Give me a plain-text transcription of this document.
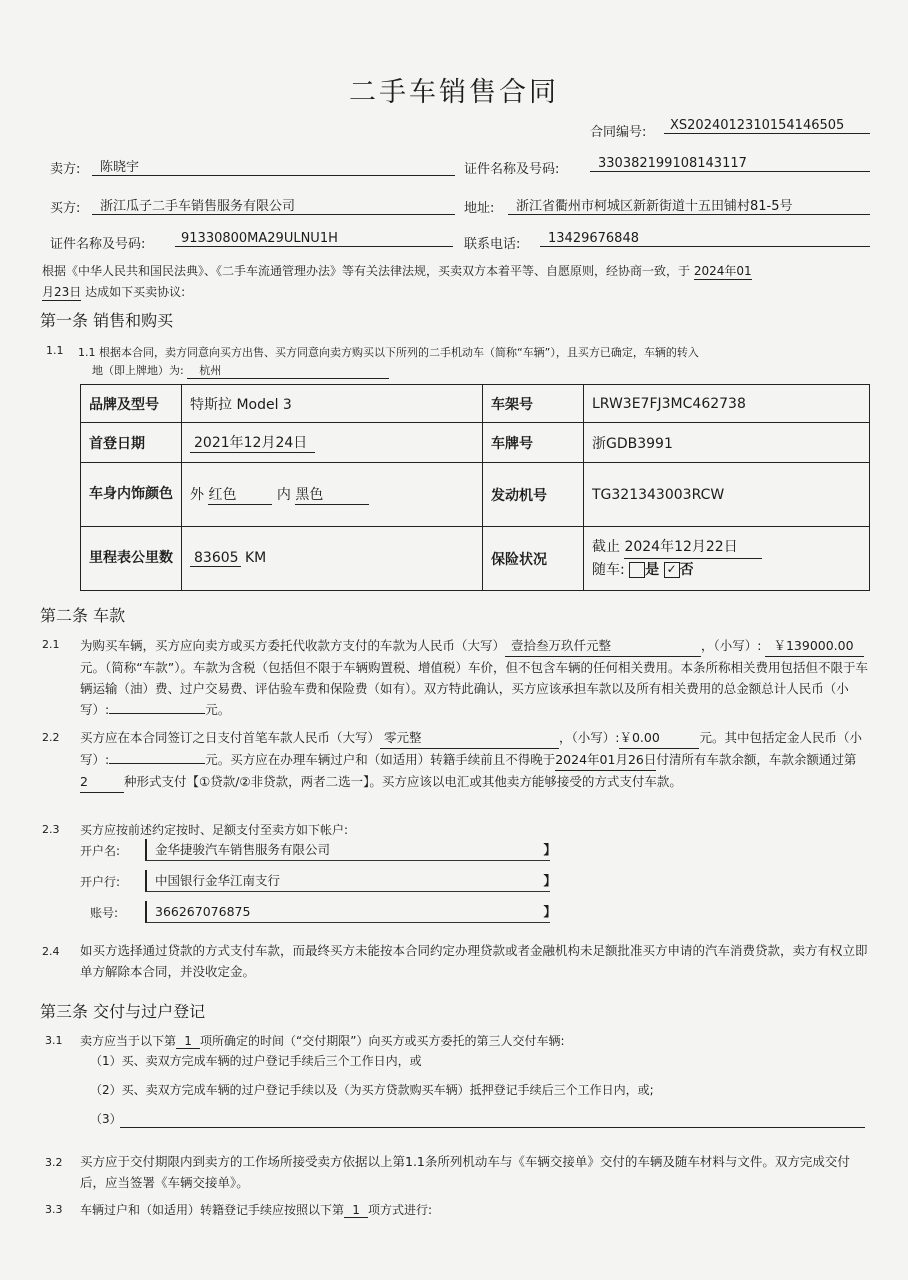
二手车销售合同
合同编号:	XS20240123101541465​05
卖方:	陈晓宇	证件名称及号码:	330382199108143117
买方:	浙江瓜子二手车销售服务有限公司	地址:	浙江省衢州市柯城区新新街道十五田铺村81-5号
证件名称及号码:	91330800MA29ULNU1H	联系电话:	13429676848
根据《中华人民共和国民法典》、《二手车流通管理办法》等有关法律法规，买卖双方本着平等、自愿原则，经协商一致，于 2024年01
月23日 达成如下买卖协议:
第一条 销售和购买
1.1 1.1 根据本合同，卖方同意向买方出售、买方同意向卖方购买以下所列的二手机动车（简称“车辆”），且买方已确定，车辆的转入
地（即上牌地）为: 杭州
品牌及型号	特斯拉 Model 3	车架号	LRW3E7FJ3MC462738
首登日期	2021年12月24日	车牌号	浙GDB3991
车身内饰颜色	外 红色 内 黑色	发动机号	TG321343003RCW
里程表公里数	83605 KM	保险状况	截止 2024年12月22日
随车: 是 ✓ 否
第二条 车款
2.1 为购买车辆，买方应向卖方或买方委托代收款方支付的车款为人民币（大写） 壹拾叁万玖仟元整	，（小写）: ￥139000.00元。（简称“车款”）。车款为含税（包括但不限于车辆购置税、增值税）车价，但不包含车辆的任何相关费用。本条所称相关费用包括但不限于车辆运输（油）费、过户交易费、评估验车费和保险费（如有）。双方特此确认，买方应该承担车款以及所有相关费用的总金额总计人民币（小写）:	元。
2.2 买方应在本合同签订之日支付首笔车款人民币（大写） 零元整	，（小写）:￥0.00	元。其中包括定金人民币（小写）:	元。买方应在办理车辆过户和（如适用）转籍手续前且不得晚于2024年01月26日付清所有车款余额，车款余额通过第2	种形式支付【①贷款/②非贷款，两者二选一】。买方应该以电汇或其他卖方能够接受的方式支付车款。
2.3 买方应按前述约定按时、足额支付至卖方如下帐户:
开户名:	金华捷骏汽车销售服务有限公司	】
开户行:	中国银行金华江南支行	】
账号:	366267076875	】
2.4 如买方选择通过贷款的方式支付车款，而最终买方未能按本合同约定办理贷款或者金融机构未足额批准买方申请的汽车消费贷款，卖方有权立即单方解除本合同，并没收定金。
第三条 交付与过户登记
3.1 卖方应当于以下第 1 项所确定的时间（“交付期限”）向买方或买方委托的第三人交付车辆:
（1）买、卖双方完成车辆的过户登记手续后三个工作日内，或
（2）买、卖双方完成车辆的过户登记手续以及（为买方贷款购买车辆）抵押登记手续后三个工作日内，或;
（3）
3.2 买方应于交付期限内到卖方的工作场所接受卖方依据以上第1.1条所列机动车与《车辆交接单》交付的车辆及随车材料与文件。双方完成交付后，应当签署《车辆交接单》。
3.3 车辆过户和（如适用）转籍登记手续应按照以下第 1 项方式进行:
